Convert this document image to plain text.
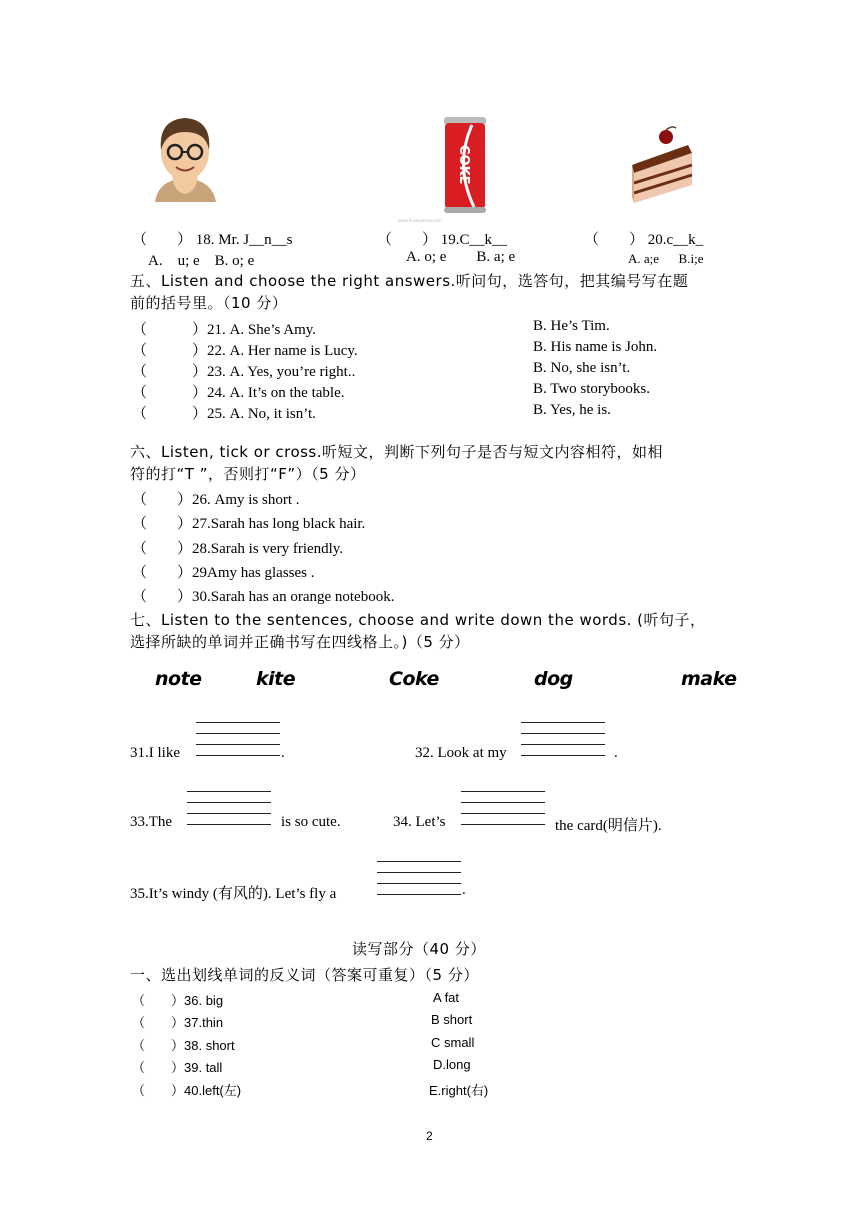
COKE
www.huiwenmao.com
（　　） 18. Mr. J__n__s	（　　） 19.C__k__	（　　） 20.c__k_
A.　u; e B. o; e	A. o; e B. a; e	A. a;e B.i;e
五、Listen and choose the right answers.听问句，选答句，把其编号写在题
前的括号里。（10 分）
（　　　）21. A. She’s Amy.	B. He’s Tim.
（　　　）22. A. Her name is Lucy.	B. His name is John.
（　　　）23. A. Yes, you’re right..	B. No, she isn’t.
（　　　）24. A. It’s on the table.	B. Two storybooks.
（　　　）25. A. No, it isn’t.	B. Yes, he is.
六、Listen, tick or cross.听短文，判断下列句子是否与短文内容相符，如相
符的打“T ”，否则打“F”）（5 分）
（　　）26. Amy is short .
（　　）27.Sarah has long black hair.
（　　）28.Sarah is very friendly.
（　　）29Amy has glasses .
（　　）30.Sarah has an orange notebook.
七、Listen to the sentences, choose and write down the words. (听句子，
选择所缺的单词并正确书写在四线格上。)（5 分）
note	kite	Coke	dog	make
31.I like	.	32. Look at my	.
33.The	is so cute.	34. Let’s	the card(明信片).
35.It’s windy (有风的). Let’s fly a	.
读写部分（40 分）
一、选出划线单词的反义词（答案可重复）（5 分）
（　　）36. big	A fat
（　　）37.thin	B short
（　　）38. short	C small
（　　）39. tall	D.long
（　　）40.left(左)	E.right(右)
2
